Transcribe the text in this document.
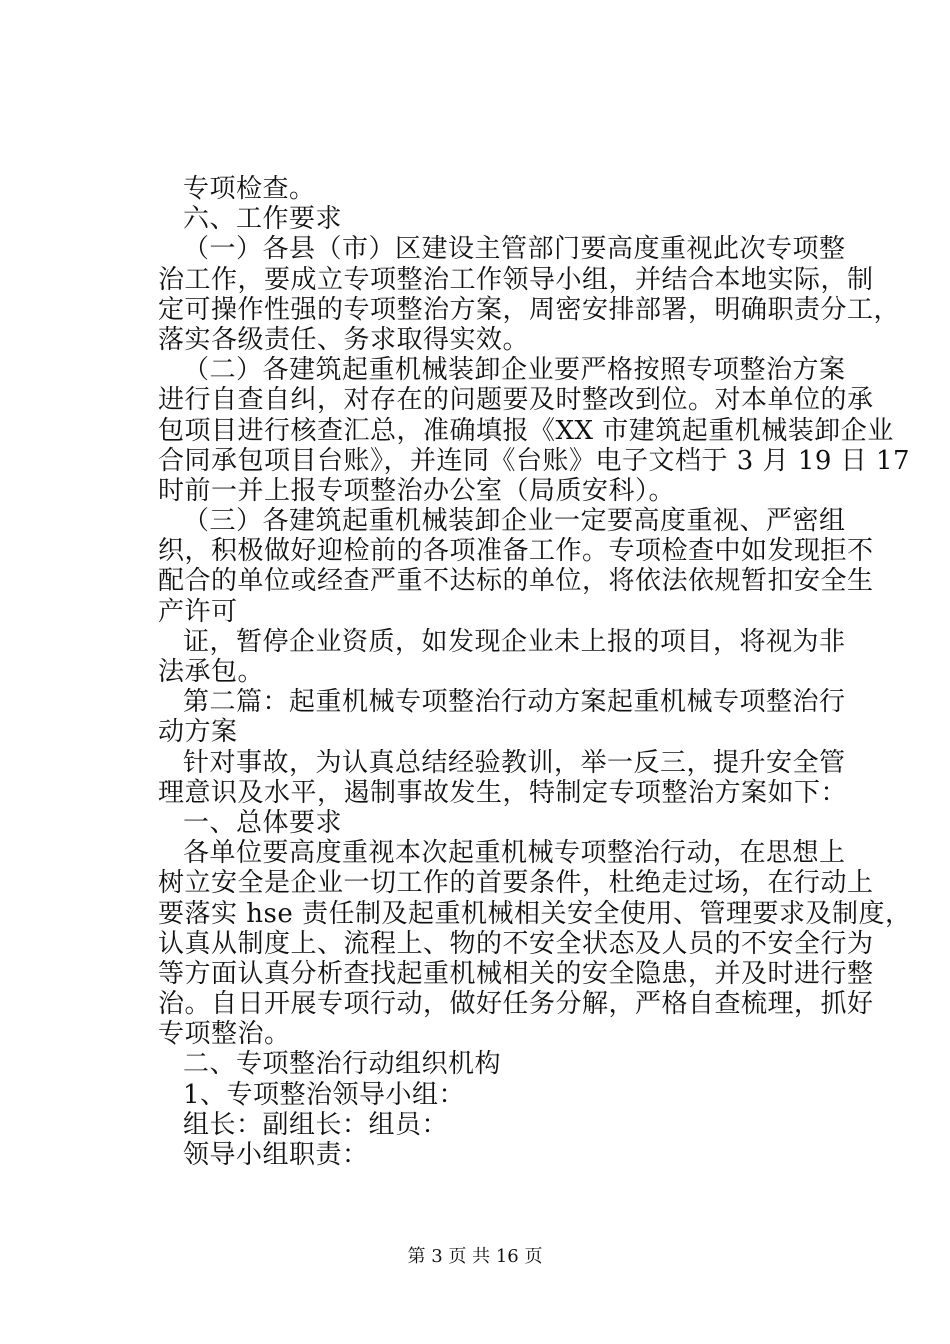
专项检查。
六、工作要求
（一）各县（市）区建设主管部门要高度重视此次专项整
治工作，要成立专项整治工作领导小组，并结合本地实际，制
定可操作性强的专项整治方案，周密安排部署，明确职责分工，
落实各级责任、务求取得实效。
（二）各建筑起重机械装卸企业要严格按照专项整治方案
进行自查自纠，对存在的问题要及时整改到位。对本单位的承
包项目进行核查汇总，准确填报《XX 市建筑起重机械装卸企业
合同承包项目台账》，并连同《台账》电子文档于 3 月 19 日 17
时前一并上报专项整治办公室（局质安科）。
（三）各建筑起重机械装卸企业一定要高度重视、严密组
织，积极做好迎检前的各项准备工作。专项检查中如发现拒不
配合的单位或经查严重不达标的单位，将依法依规暂扣安全生
产许可
证，暂停企业资质，如发现企业未上报的项目，将视为非
法承包。
第二篇：起重机械专项整治行动方案起重机械专项整治行
动方案
针对事故，为认真总结经验教训，举一反三，提升安全管
理意识及水平，遏制事故发生，特制定专项整治方案如下：
一、总体要求
各单位要高度重视本次起重机械专项整治行动，在思想上
树立安全是企业一切工作的首要条件，杜绝走过场，在行动上
要落实 hse 责任制及起重机械相关安全使用、管理要求及制度，
认真从制度上、流程上、物的不安全状态及人员的不安全行为
等方面认真分析查找起重机械相关的安全隐患，并及时进行整
治。自日开展专项行动，做好任务分解，严格自查梳理，抓好
专项整治。
二、专项整治行动组织机构
1、专项整治领导小组：
组长：副组长：组员：
领导小组职责：
第 3 页 共 16 页
